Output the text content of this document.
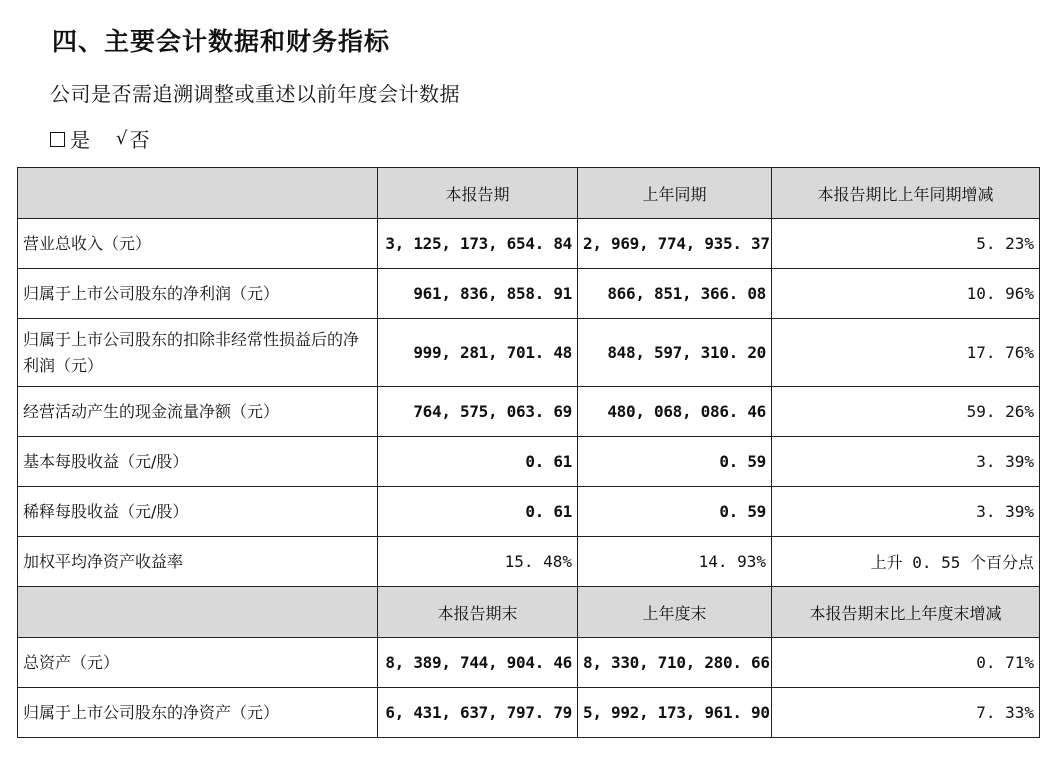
四、主要会计数据和财务指标
公司是否需追溯调整或重述以前年度会计数据
是 √ 否
	本报告期	上年同期	本报告期比上年同期增减
营业总收入（元）	3, 125, 173, 654. 84	2, 969, 774, 935. 37	5. 23%
归属于上市公司股东的净利润（元）	961, 836, 858. 91	866, 851, 366. 08	10. 96%
归属于上市公司股东的扣除非经常性损益后的净利润（元）	999, 281, 701. 48	848, 597, 310. 20	17. 76%
经营活动产生的现金流量净额（元）	764, 575, 063. 69	480, 068, 086. 46	59. 26%
基本每股收益（元/股）	0. 61	0. 59	3. 39%
稀释每股收益（元/股）	0. 61	0. 59	3. 39%
加权平均净资产收益率	15. 48%	14. 93%	上升 0. 55 个百分点
	本报告期末	上年度末	本报告期末比上年度末增减
总资产（元）	8, 389, 744, 904. 46	8, 330, 710, 280. 66	0. 71%
归属于上市公司股东的净资产（元）	6, 431, 637, 797. 79	5, 992, 173, 961. 90	7. 33%
